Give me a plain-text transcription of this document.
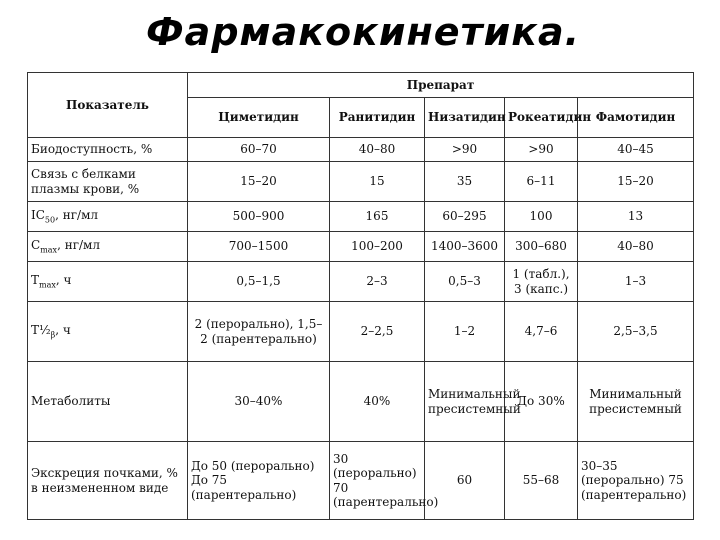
Фармакокинетика.
Показатель	Препарат				
	Циметидин	Ранитидин	Низатидин	Рокеатидин	Фамотидин
Биодоступность, %	60–70	40–80	>90	>90	40–45
Связь с белками плазмы крови, %	15–20	15	35	6–11	15–20
$IC_{50}$, нг/мл	500–900	165	60–295	100	13
$C_{max}$, нг/мл	700–1500	100–200	1400–3600	300–680	40–80
$T_{max}$, ч	0,5–1,5	2–3	0,5–3	1 (табл.), 3 (капс.)	1–3
$T\frac{1}{2}_\beta$, ч	2 (перорально), 1,5–2 (парентерально)	2–2,5	1–2	4,7–6	2,5–3,5
Метаболиты	30–40%	40%	Минимальный пресистемный	До 30%	Минимальный пресистемный
Экскреция почками, % в неизмененном виде	До 50 (перорально) До 75 (парентерально)	30 (перорально) 70 (парентерально)	60	55–68	30–35 (перорально) 75 (парентерально)
